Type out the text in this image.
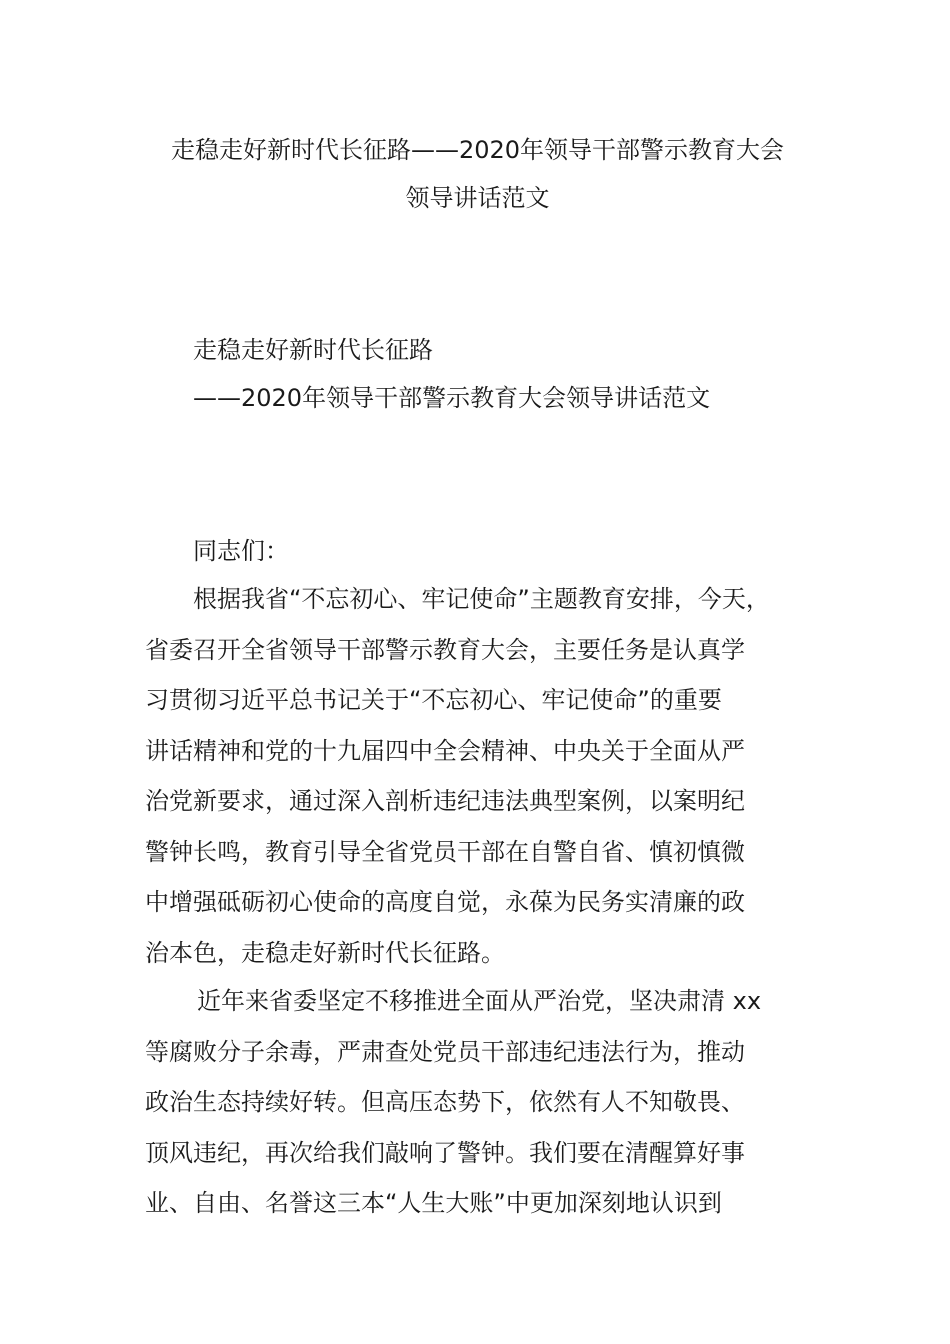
走稳走好新时代长征路——2020年领导干部警示教育大会
领导讲话范文
走稳走好新时代长征路
——2020年领导干部警示教育大会领导讲话范文
同志们：
根据我省“不忘初心、牢记使命”主题教育安排，今天，
省委召开全省领导干部警示教育大会，主要任务是认真学
习贯彻习近平总书记关于“不忘初心、牢记使命”的重要
讲话精神和党的十九届四中全会精神、中央关于全面从严
治党新要求，通过深入剖析违纪违法典型案例，以案明纪
警钟长鸣，教育引导全省党员干部在自警自省、慎初慎微
中增强砥砺初心使命的高度自觉，永葆为民务实清廉的政
治本色，走稳走好新时代长征路。
近年来省委坚定不移推进全面从严治党，坚决肃清 xx
等腐败分子余毒，严肃查处党员干部违纪违法行为，推动
政治生态持续好转。但高压态势下，依然有人不知敬畏、
顶风违纪，再次给我们敲响了警钟。我们要在清醒算好事
业、自由、名誉这三本“人生大账”中更加深刻地认识到
